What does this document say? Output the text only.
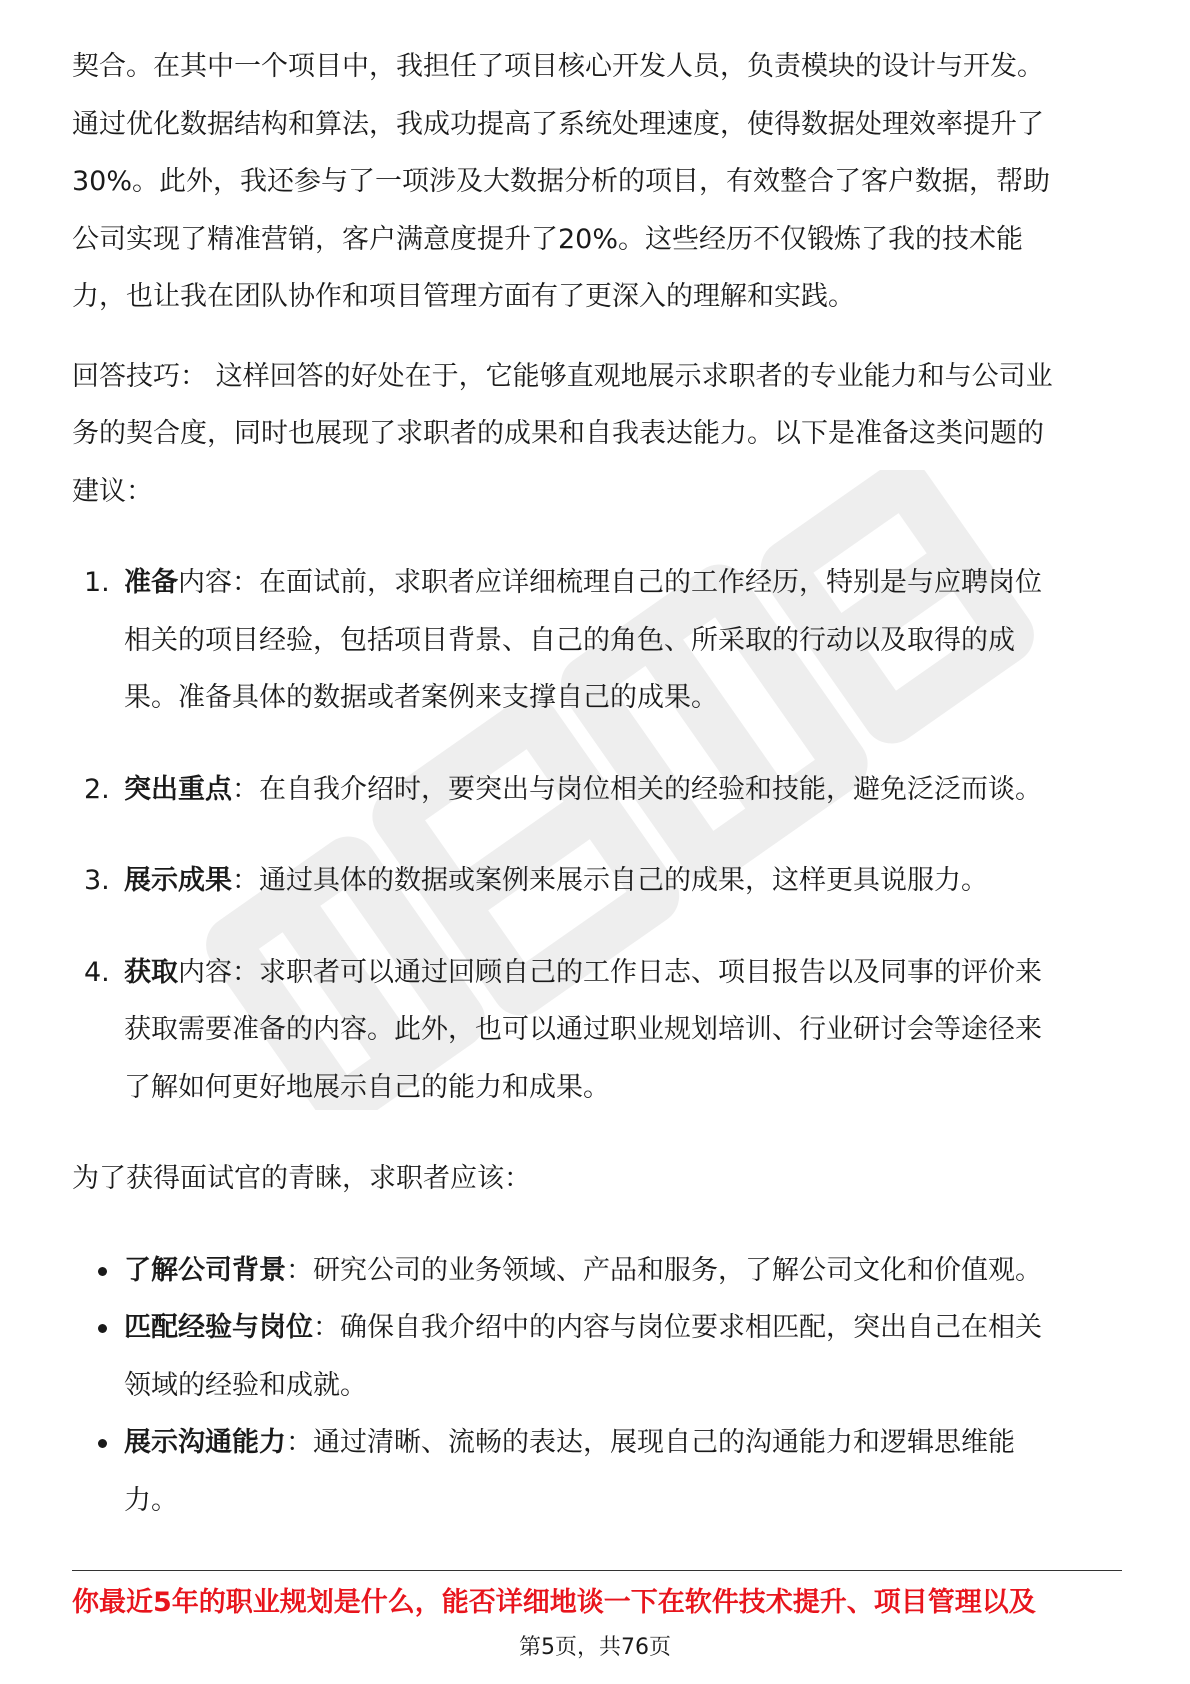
契合。在其中一个项目中，我担任了项目核心开发人员，负责模块的设计与开发。
通过优化数据结构和算法，我成功提高了系统处理速度，使得数据处理效率提升了
30%。此外，我还参与了一项涉及大数据分析的项目，有效整合了客户数据，帮助
公司实现了精准营销，客户满意度提升了20%。这些经历不仅锻炼了我的技术能
力，也让我在团队协作和项目管理方面有了更深入的理解和实践。
回答技巧： 这样回答的好处在于，它能够直观地展示求职者的专业能力和与公司业
务的契合度，同时也展现了求职者的成果和自我表达能力。以下是准备这类问题的
建议：
1. 准备内容：在面试前，求职者应详细梳理自己的工作经历，特别是与应聘岗位
相关的项目经验，包括项目背景、自己的角色、所采取的行动以及取得的成
果。准备具体的数据或者案例来支撑自己的成果。
2. 突出重点：在自我介绍时，要突出与岗位相关的经验和技能，避免泛泛而谈。
3. 展示成果：通过具体的数据或案例来展示自己的成果，这样更具说服力。
4. 获取内容：求职者可以通过回顾自己的工作日志、项目报告以及同事的评价来
获取需要准备的内容。此外，也可以通过职业规划培训、行业研讨会等途径来
了解如何更好地展示自己的能力和成果。
为了获得面试官的青睐，求职者应该：
了解公司背景：研究公司的业务领域、产品和服务，了解公司文化和价值观。
匹配经验与岗位：确保自我介绍中的内容与岗位要求相匹配，突出自己在相关
领域的经验和成就。
展示沟通能力：通过清晰、流畅的表达，展现自己的沟通能力和逻辑思维能
力。
你最近5年的职业规划是什么，能否详细地谈一下在软件技术提升、项目管理以及
第5页，共76页
